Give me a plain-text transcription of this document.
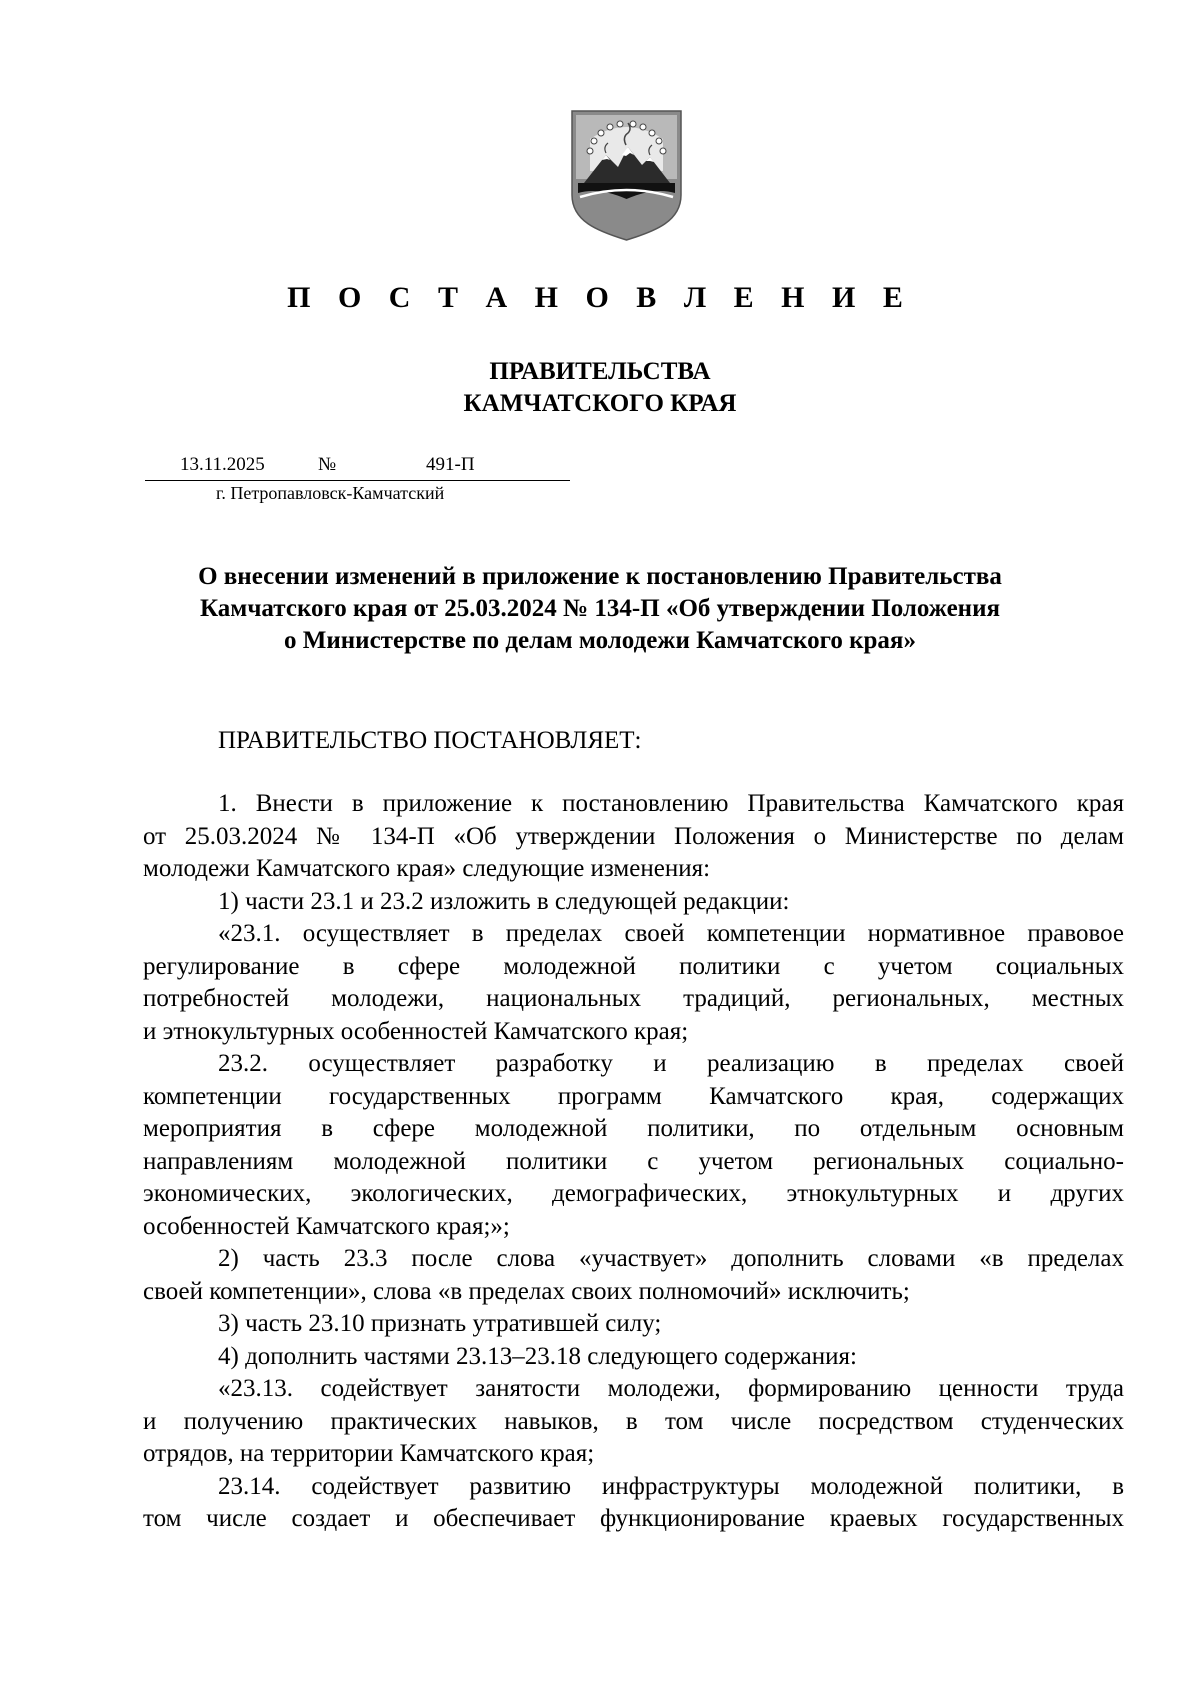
П О С Т А Н О В Л Е Н И Е
ПРАВИТЕЛЬСТВА
КАМЧАТСКОГО КРАЯ
13.11.2025	№	491-П
г. Петропавловск-Камчатский
О внесении изменений в приложение к постановлению Правительства
Камчатского края от 25.03.2024 № 134-П «Об утверждении Положения
о Министерстве по делам молодежи Камчатского края»
ПРАВИТЕЛЬСТВО ПОСТАНОВЛЯЕТ:
1. Внести в приложение к постановлению Правительства Камчатского края
от 25.03.2024 № 134-П «Об утверждении Положения о Министерстве по делам
молодежи Камчатского края» следующие изменения:
1) части 23.1 и 23.2 изложить в следующей редакции:
«23.1. осуществляет в пределах своей компетенции нормативное правовое
регулирование в сфере молодежной политики с учетом социальных
потребностей молодежи, национальных традиций, региональных, местных
и этнокультурных особенностей Камчатского края;
23.2. осуществляет разработку и реализацию в пределах своей
компетенции государственных программ Камчатского края, содержащих
мероприятия в сфере молодежной политики, по отдельным основным
направлениям молодежной политики с учетом региональных социально-
экономических, экологических, демографических, этнокультурных и других
особенностей Камчатского края;»;
2) часть 23.3 после слова «участвует» дополнить словами «в пределах
своей компетенции», слова «в пределах своих полномочий» исключить;
3) часть 23.10 признать утратившей силу;
4) дополнить частями 23.13–23.18 следующего содержания:
«23.13. содействует занятости молодежи, формированию ценности труда
и получению практических навыков, в том числе посредством студенческих
отрядов, на территории Камчатского края;
23.14. содействует развитию инфраструктуры молодежной политики, в
том числе создает и обеспечивает функционирование краевых государственных
